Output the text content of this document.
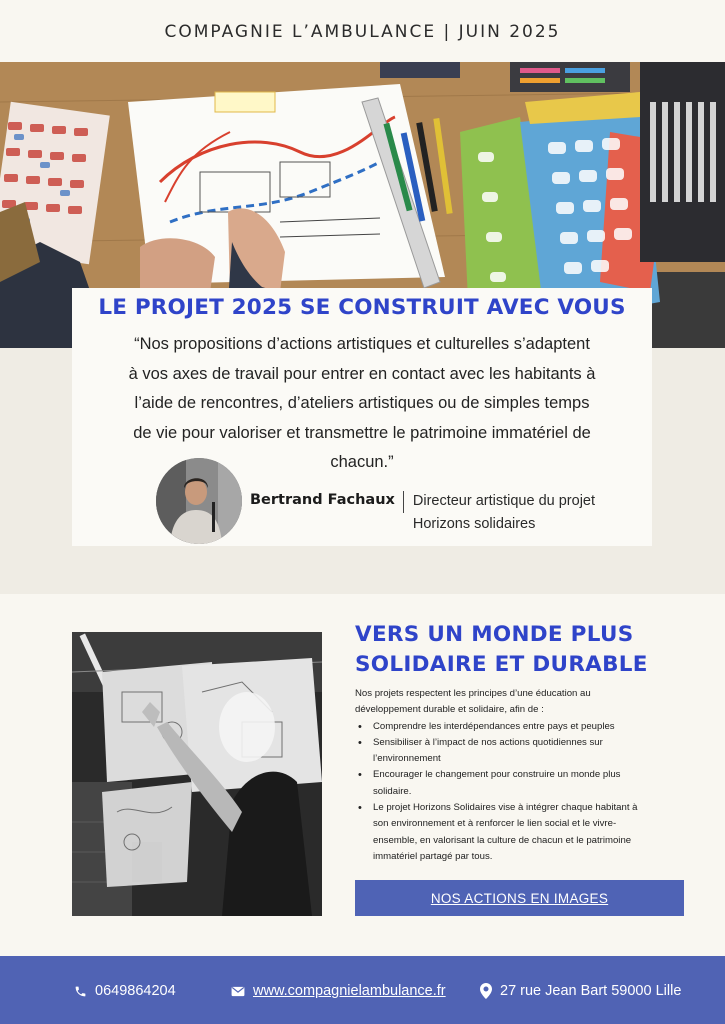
COMPAGNIE L’AMBULANCE | JUIN 2025
LE PROJET 2025 SE CONSTRUIT AVEC VOUS
“Nos propositions d’actions artistiques et culturelles s’adaptent
à vos axes de travail pour entrer en contact avec les habitants à
l’aide de rencontres, d’ateliers artistiques ou de simples temps
de vie pour valoriser et transmettre le patrimoine immatériel de
chacun.”
Bertrand Fachaux Directeur artistique du projet
Horizons solidaires
VERS UN MONDE PLUS
SOLIDAIRE ET DURABLE
Nos projets respectent les principes d’une éducation au
développement durable et solidaire, afin de :
• Comprendre les interdépendances entre pays et peuples
• Sensibiliser à l’impact de nos actions quotidiennes sur
l’environnement
• Encourager le changement pour construire un monde plus
solidaire.
• Le projet Horizons Solidaires vise à intégrer chaque habitant à
son environnement et à renforcer le lien social et le vivre-
ensemble, en valorisant la culture de chacun et le patrimoine
immatériel partagé par tous.
NOS ACTIONS EN IMAGES
0649864204	www.compagnielambulance.fr	27 rue Jean Bart 59000 Lille
